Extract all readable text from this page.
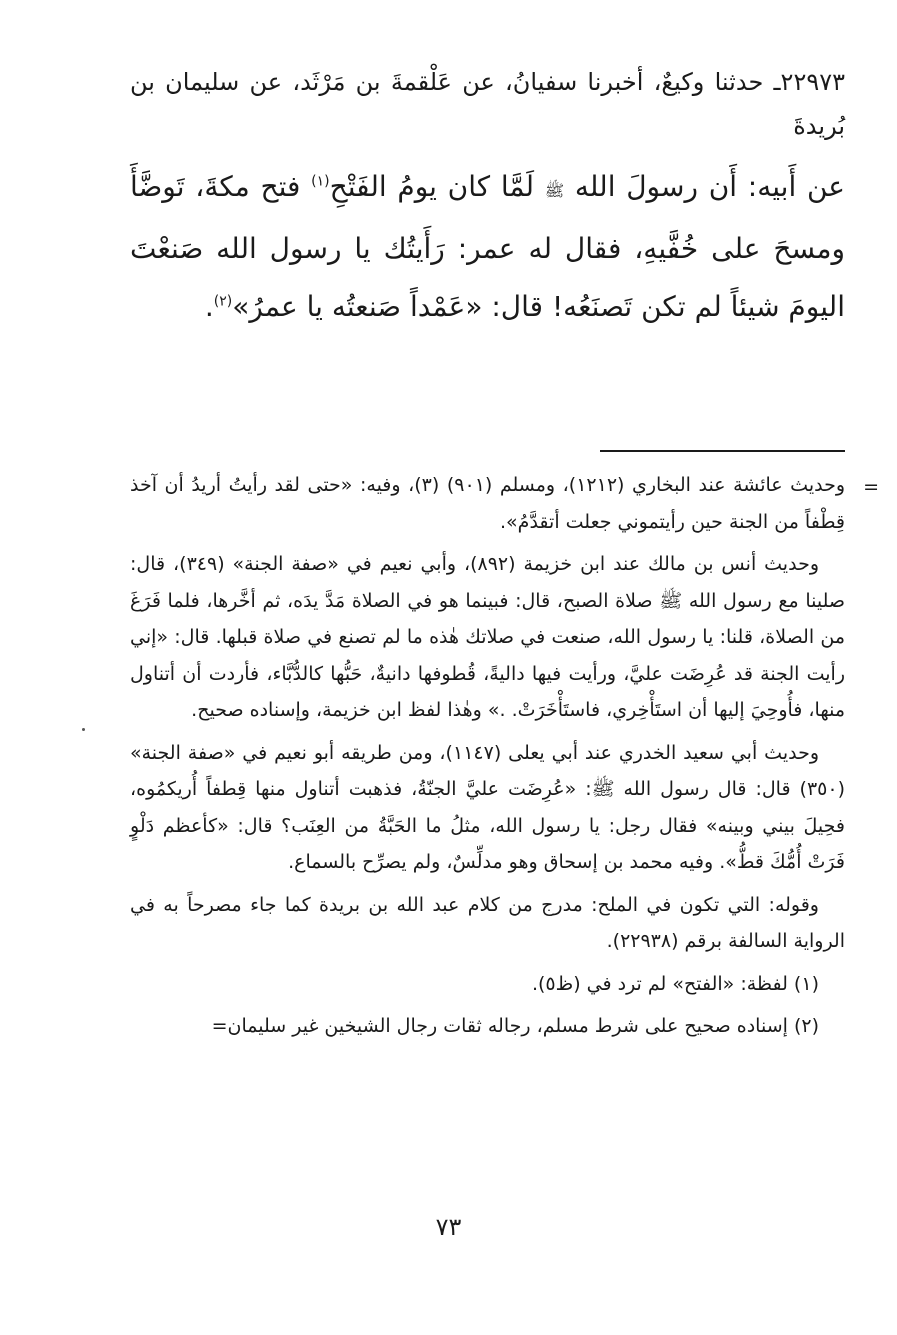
٢٢٩٧٣ـ حدثنا وكيعٌ، أخبرنا سفيانُ، عن عَلْقمةَ بن مَرْثَد، عن سليمان بن بُريدةَ

عن أَبيه: أَن رسولَ الله ﷺ لَمَّا كان يومُ الفَتْحِ$^{(١)}$ فتح مكةَ، تَوضَّأَ ومسحَ على خُفَّيهِ، فقال له عمر: رَأَيتُك يا رسول الله صَنعْتَ اليومَ شيئاً لم تكن تَصنَعُه! قال: «عَمْداً صَنعتُه يا عمرُ»$^{(٢)}$.

=

وحديث عائشة عند البخاري (١٢١٢)، ومسلم (٩٠١) (٣)، وفيه: «حتى لقد رأيتُ أريدُ أن آخذ قِطْفاً من الجنة حين رأيتموني جعلت أتقدَّمُ».

وحديث أنس بن مالك عند ابن خزيمة (٨٩٢)، وأبي نعيم في «صفة الجنة» (٣٤٩)، قال: صلينا مع رسول الله ﷺ صلاة الصبح، قال: فبينما هو في الصلاة مَدَّ يدَه، ثم أخَّرها، فلما فَرَغَ من الصلاة، قلنا: يا رسول الله، صنعت في صلاتك هٰذه ما لم تصنع في صلاة قبلها. قال: «إني رأيت الجنة قد عُرِضَت عليَّ، ورأيت فيها داليةً، قُطوفها دانيةٌ، حَبُّها كالدُّبَّاء، فأردت أن أتناول منها، فأُوحِيَ إليها أن استَأْخِري، فاستَأْخَرَتْ. .» وهٰذا لفظ ابن خزيمة، وإسناده صحيح.

وحديث أبي سعيد الخدري عند أبي يعلى (١١٤٧)، ومن طريقه أبو نعيم في «صفة الجنة» (٣٥٠) قال: قال رسول الله ﷺ: «عُرِضَت عليَّ الجنّةُ، فذهبت أتناول منها قِطفاً أُريكمُوه، فحِيلَ بيني وبينه» فقال رجل: يا رسول الله، مثلُ ما الحَبَّةُ من العِنَب؟ قال: «كأعظم دَلْوٍ فَرَتْ أُمُّكَ قطُّ». وفيه محمد بن إسحاق وهو مدلِّسٌ، ولم يصرِّح بالسماع.

وقوله: التي تكون في الملح: مدرج من كلام عبد الله بن بريدة كما جاء مصرحاً به في الرواية السالفة برقم (٢٢٩٣٨).

(١) لفظة: «الفتح» لم ترد في (ظ٥).

(٢) إسناده صحيح على شرط مسلم، رجاله ثقات رجال الشيخين غير سليمان=

٧٣
